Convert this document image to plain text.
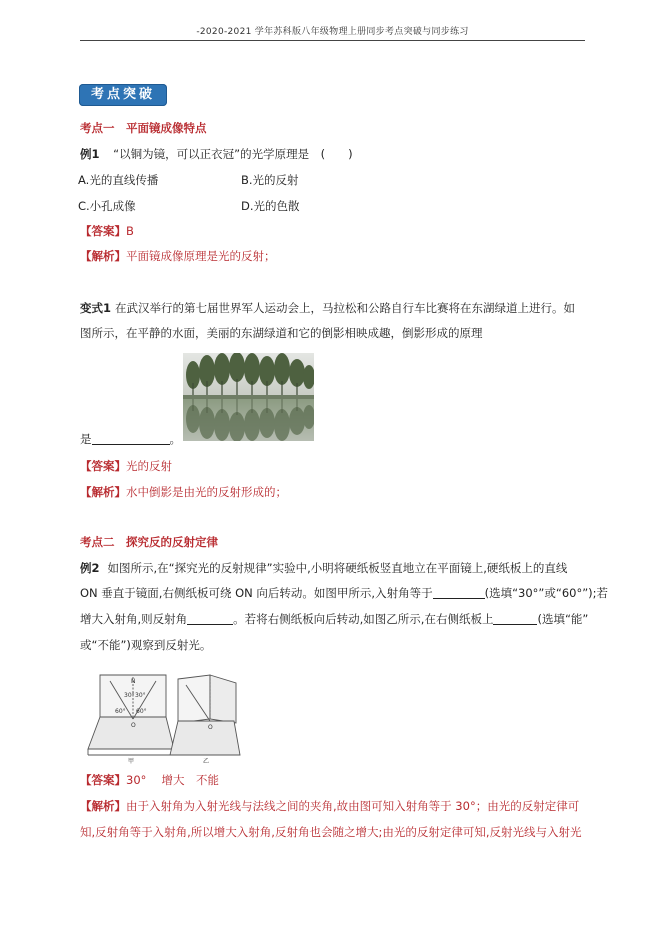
-2020-2021 学年苏科版八年级物理上册同步考点突破与同步练习
考点突破
考点一　平面镜成像特点
例1 “以铜为镜，可以正衣冠”的光学原理是　(　　)
A.光的直线传播	B.光的反射
C.小孔成像	D.光的色散
【答案】B
【解析】平面镜成像原理是光的反射；
变式1 在武汉举行的第七届世界军人运动会上，马拉松和公路自行车比赛将在东湖绿道上进行。如
图所示，在平静的水面，美丽的东湖绿道和它的倒影相映成趣，倒影形成的原理
是	。
【答案】光的反射
【解析】水中倒影是由光的反射形成的；
考点二　探究反的反射定律
例2 如图所示,在“探究光的反射规律”实验中,小明将硬纸板竖直地立在平面镜上,硬纸板上的直线
ON 垂直于镜面,右侧纸板可绕 ON 向后转动。如图甲所示,入射角等于	(选填“30°”或“60°”);若
增大入射角,则反射角	。若将右侧纸板向后转动,如图乙所示,在右侧纸板上	(选填“能”
或“不能”)观察到反射光。
N
O
30° 30°
60° 60°
O
甲	乙
【答案】30°　 增大　不能
【解析】由于入射角为入射光线与法线之间的夹角,故由图可知入射角等于 30°；由光的反射定律可
知,反射角等于入射角,所以增大入射角,反射角也会随之增大;由光的反射定律可知,反射光线与入射光
